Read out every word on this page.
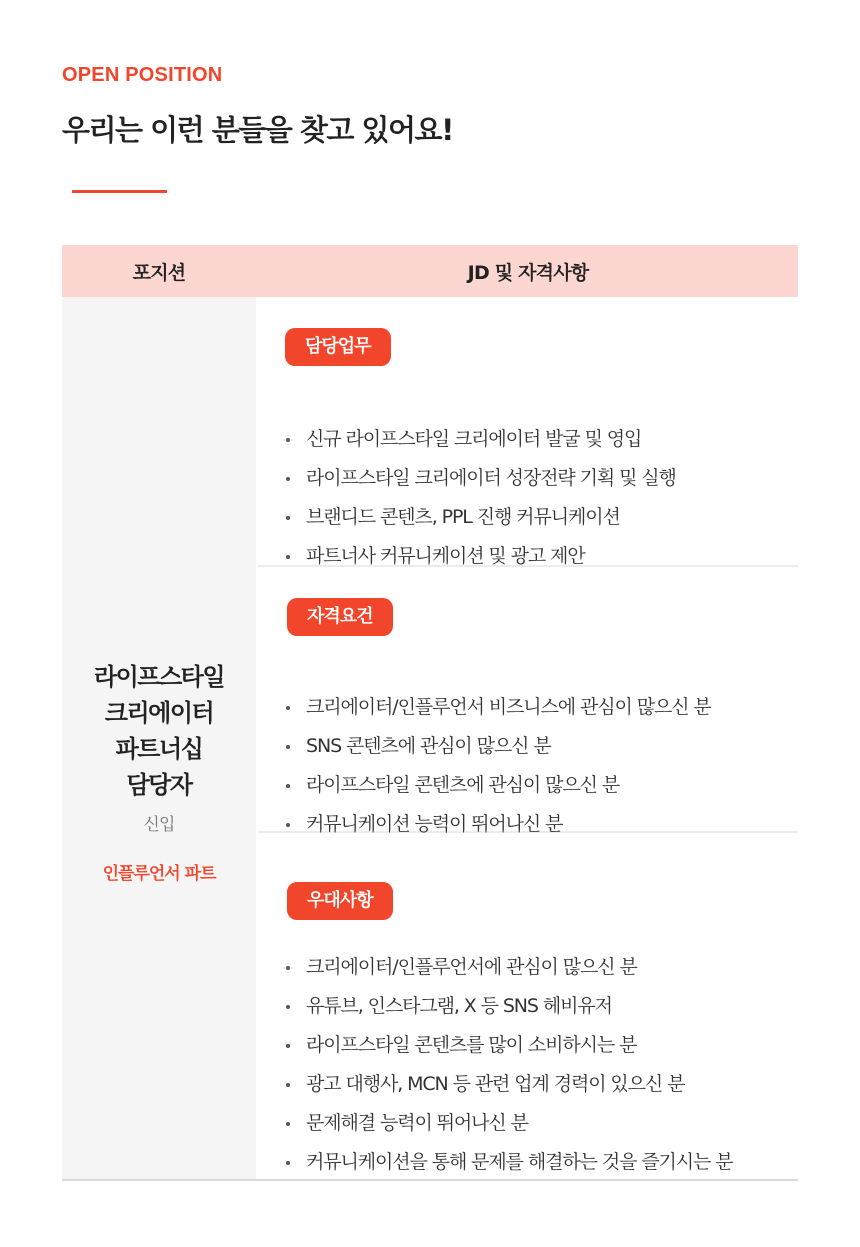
OPEN POSITION
우리는 이런 분들을 찾고 있어요!
포지션	JD 및 자격사항
라이프스타일
크리에이터
파트너십
담당자
신입
인플루언서 파트
담당업무
신규 라이프스타일 크리에이터 발굴 및 영입
라이프스타일 크리에이터 성장전략 기획 및 실행
브랜디드 콘텐츠, PPL 진행 커뮤니케이션
파트너사 커뮤니케이션 및 광고 제안
자격요건
크리에이터/인플루언서 비즈니스에 관심이 많으신 분
SNS 콘텐츠에 관심이 많으신 분
라이프스타일 콘텐츠에 관심이 많으신 분
커뮤니케이션 능력이 뛰어나신 분
우대사항
크리에이터/인플루언서에 관심이 많으신 분
유튜브, 인스타그램, X 등 SNS 헤비유저
라이프스타일 콘텐츠를 많이 소비하시는 분
광고 대행사, MCN 등 관련 업계 경력이 있으신 분
문제해결 능력이 뛰어나신 분
커뮤니케이션을 통해 문제를 해결하는 것을 즐기시는 분
